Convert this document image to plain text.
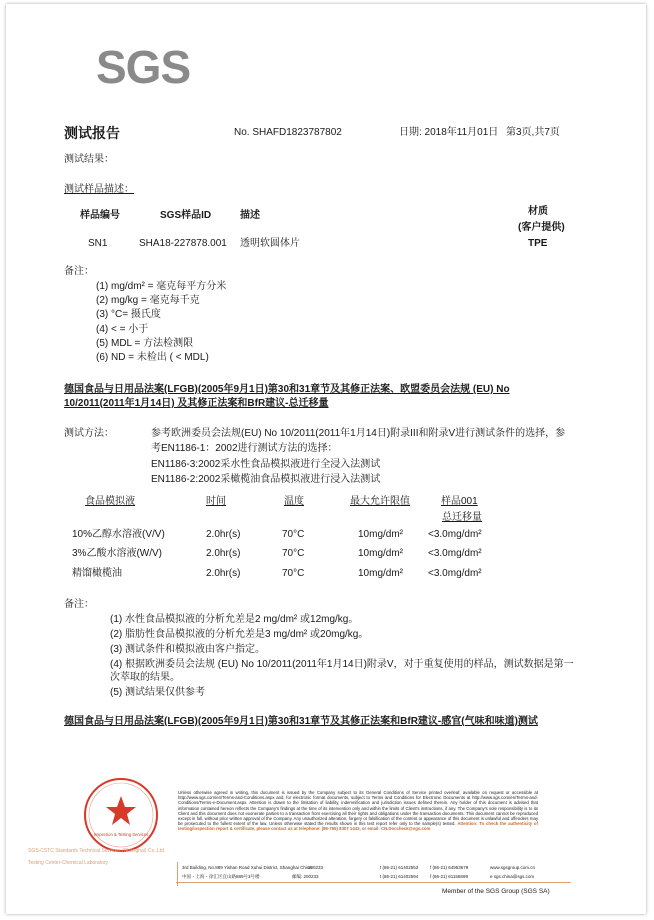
SGS
测试报告	No. SHAFD1823787802	日期: 2018年11月01日 第3页,共7页
测试结果：
测试样品描述：
样品编号	SGS样品ID	描述	材质
(客户提供)
SN1	SHA18-227878.001 透明软圆体片	TPE
备注：
(1) mg/dm² = 毫克每平方分米
(2) mg/kg = 毫克每千克
(3) °C= 摄氏度
(4) < = 小于
(5) MDL = 方法检测限
(6) ND = 未检出 ( < MDL)
德国食品与日用品法案(LFGB)(2005年9月1日)第30和31章节及其修正法案、欧盟委员会法规 (EU) No
10/2011(2011年1月14日) 及其修正法案和BfR建议-总迁移量
测试方法：	参考欧洲委员会法规(EU) No 10/2011(2011年1月14日)附录III和附录V进行测试条件的选择，参
考EN1186-1：2002进行测试方法的选择：
EN1186-3:2002采水性食品模拟液进行全浸入法测试
EN1186-2:2002采橄榄油食品模拟液进行浸入法测试
食品模拟液	时间	温度	最大允许限值	样品001
总迁移量
10%乙醇水溶液(V/V)	2.0hr(s)	70°C	10mg/dm² <3.0mg/dm²
3%乙酸水溶液(W/V)	2.0hr(s)	70°C	10mg/dm² <3.0mg/dm²
精馏橄榄油	2.0hr(s)	70°C	10mg/dm² <3.0mg/dm²
备注：
(1) 水性食品模拟液的分析允差是2 mg/dm² 或12mg/kg。
(2) 脂肪性食品模拟液的分析允差是3 mg/dm² 或20mg/kg。
(3) 测试条件和模拟液由客户指定。
(4) 根据欧洲委员会法规 (EU) No 10/2011(2011年1月14日)附录V，对于重复使用的样品，测试数据是第一
次萃取的结果。
(5) 测试结果仅供参考
德国食品与日用品法案(LFGB)(2005年9月1日)第30和31章节及其修正法案和BfR建议-感官(气味和味道)测试
Inspection & Testing Services
SGS-CSTC Standards Technical Services (Shanghai) Co.,Ltd.
Testing Center-Chemical Laboratory
Unless otherwise agreed in writing, this document is issued by the Company subject to its General Conditions of Service printed overleaf, available on request or accessible at http://www.sgs.com/en/Terms-and-Conditions.aspx and, for electronic format documents, subject to Terms and Conditions for Electronic Documents at http://www.sgs.com/en/Terms-and-Conditions/Terms-e-Document.aspx. Attention is drawn to the limitation of liability, indemnification and jurisdiction issues defined therein. Any holder of this document is advised that information contained hereon reflects the Company's findings at the time of its intervention only and within the limits of Client's instructions, if any. The Company's sole responsibility is to its Client and this document does not exonerate parties to a transaction from exercising all their rights and obligations under the transaction documents. This document cannot be reproduced except in full, without prior written approval of the Company. Any unauthorized alteration, forgery or falsification of the content or appearance of this document is unlawful and offenders may be prosecuted to the fullest extent of the law. Unless otherwise stated the results shown in this test report refer only to the sample(s) tested. Attention: To check the authenticity of testing/inspection report & certificate, please contact us at telephone: (86-755) 8307 1443, or email: CN.Doccheck@sgs.com
3rd Building, No.889 Yishan Road Xuhui District, Shanghai China
200233	t (86-21) 61402553	f (86-21) 64953679	www.sgsgroup.com.cn
中国・上海・徐汇区宜山路889号3号楼	邮编: 200233	t (86-21) 61402594	f (86-21) 61156899	e sgs.china@sgs.com
Member of the SGS Group (SGS SA)
